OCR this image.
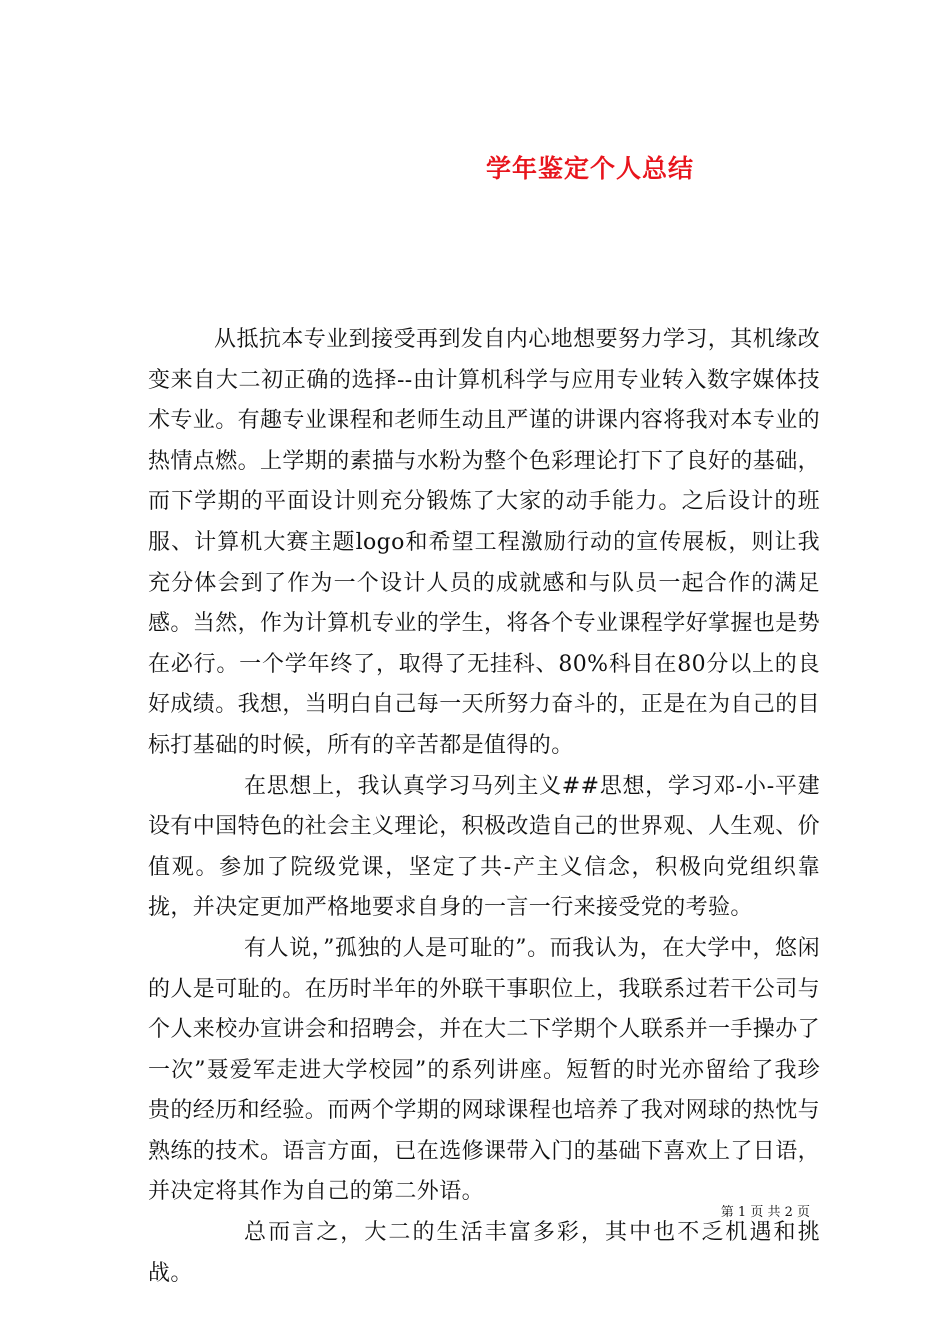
学年鉴定个人总结

从抵抗本专业到接受再到发自内心地想要努力学习，其机缘改变来自大二初正确的选择--由计算机科学与应用专业转入数字媒体技术专业。有趣专业课程和老师生动且严谨的讲课内容将我对本专业的热情点燃。上学期的素描与水粉为整个色彩理论打下了良好的基础，而下学期的平面设计则充分锻炼了大家的动手能力。之后设计的班服、计算机大赛主题logo和希望工程激励行动的宣传展板，则让我充分体会到了作为一个设计人员的成就感和与队员一起合作的满足感。当然，作为计算机专业的学生，将各个专业课程学好掌握也是势在必行。一个学年终了，取得了无挂科、80%科目在80分以上的良好成绩。我想，当明白自己每一天所努力奋斗的，正是在为自己的目标打基础的时候，所有的辛苦都是值得的。

在思想上，我认真学习马列主义##思想，学习邓-小-平建设有中国特色的社会主义理论，积极改造自己的世界观、人生观、价值观。参加了院级党课，坚定了共-产主义信念，积极向党组织靠拢，并决定更加严格地要求自身的一言一行来接受党的考验。

有人说，”孤独的人是可耻的”。而我认为，在大学中，悠闲的人是可耻的。在历时半年的外联干事职位上，我联系过若干公司与个人来校办宣讲会和招聘会，并在大二下学期个人联系并一手操办了一次”聂爱军走进大学校园”的系列讲座。短暂的时光亦留给了我珍贵的经历和经验。而两个学期的网球课程也培养了我对网球的热忱与熟练的技术。语言方面，已在选修课带入门的基础下喜欢上了日语，并决定将其作为自己的第二外语。

总而言之，大二的生活丰富多彩，其中也不乏机遇和挑战。

第 1 页 共 2 页
